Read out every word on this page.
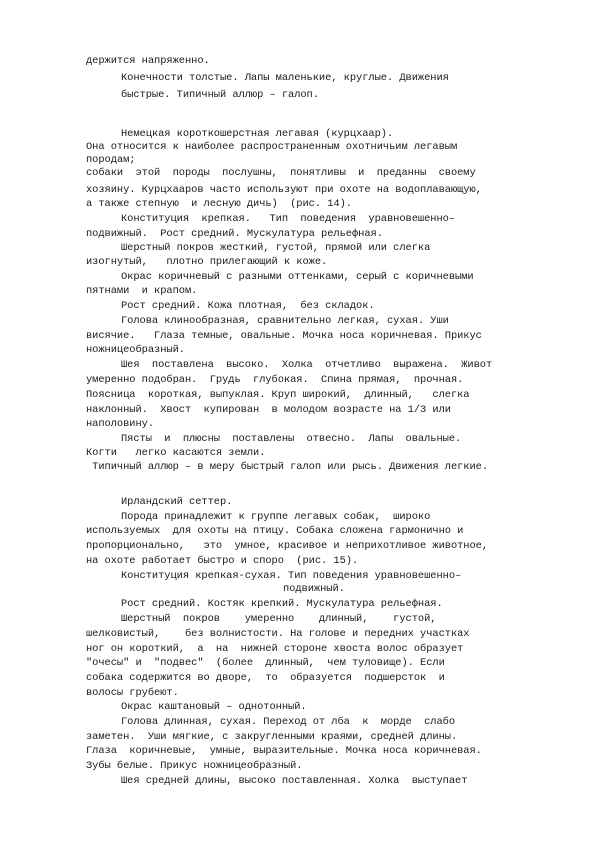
держится напряженно.
Конечности толстые. Лапы маленькие, круглые. Движения
быстрые. Типичный аллюр – галоп.
Немецкая короткошерстная легавая (курцхаар).
Она относится к наиболее распространенным охотничьим легавым
породам;
собаки  этой  породы  послушны,  понятливы  и  преданны  своему
хозяину. Курцхааров часто используют при охоте на водоплавающую,
а также степную  и лесную дичь)  (рис. 14).
Конституция  крепкая.   Тип  поведения  уравновешенно–
подвижный.  Рост средний. Мускулатура рельефная.
Шерстный покров жесткий, густой, прямой или слегка
изогнутый,   плотно прилегающий к коже.
Окрас коричневый с разными оттенками, серый с коричневыми
пятнами  и крапом.
Рост средний. Кожа плотная,  без складок.
Голова клинообразная, сравнительно легкая, сухая. Уши
висячие.   Глаза темные, овальные. Мочка носа коричневая. Прикус
ножницеобразный.
Шея  поставлена  высоко.  Холка  отчетливо  выражена.  Живот
умеренно подобран.  Грудь  глубокая.  Спина прямая,  прочная.
Поясница  короткая, выпуклая. Круп широкий,  длинный,   слегка
наклонный.  Хвост  купирован  в молодом возрасте на 1/3 или
наполовину.
Пясты  и  плюсны  поставлены  отвесно.  Лапы  овальные.
Когти   легко касаются земли.
Типичный аллюр – в меру быстрый галоп или рысь. Движения легкие.
Ирландский сеттер.
Порода принадлежит к группе легавых собак,  широко
используемых  для охоты на птицу. Собака сложена гармонично и
пропорционально,   это  умное, красивое и неприхотливое животное,
на охоте работает быстро и споро  (рис. 15).
Конституция крепкая-сухая. Тип поведения уравновешенно–
подвижный.
Рост средний. Костяк крепкий. Мускулатура рельефная.
Шерстный  покров    умеренно    длинный,    густой,
шелковистый,    без волнистости. На голове и передних участках
ног он короткий,  а  на  нижней стороне хвоста волос образует
"очесы" и  "подвес"  (более  длинный,  чем туловище). Если
собака содержится во дворе,  то  образуется  подшерсток  и
волосы грубеют.
Окрас каштановый – однотонный.
Голова длинная, сухая. Переход от лба  к  морде  слабо
заметен.  Уши мягкие, с закругленными краями, средней длины.
Глаза  коричневые,  умные, выразительные. Мочка носа коричневая.
Зубы белые. Прикус ножницеобразный.
Шея средней длины, высоко поставленная. Холка  выступает
